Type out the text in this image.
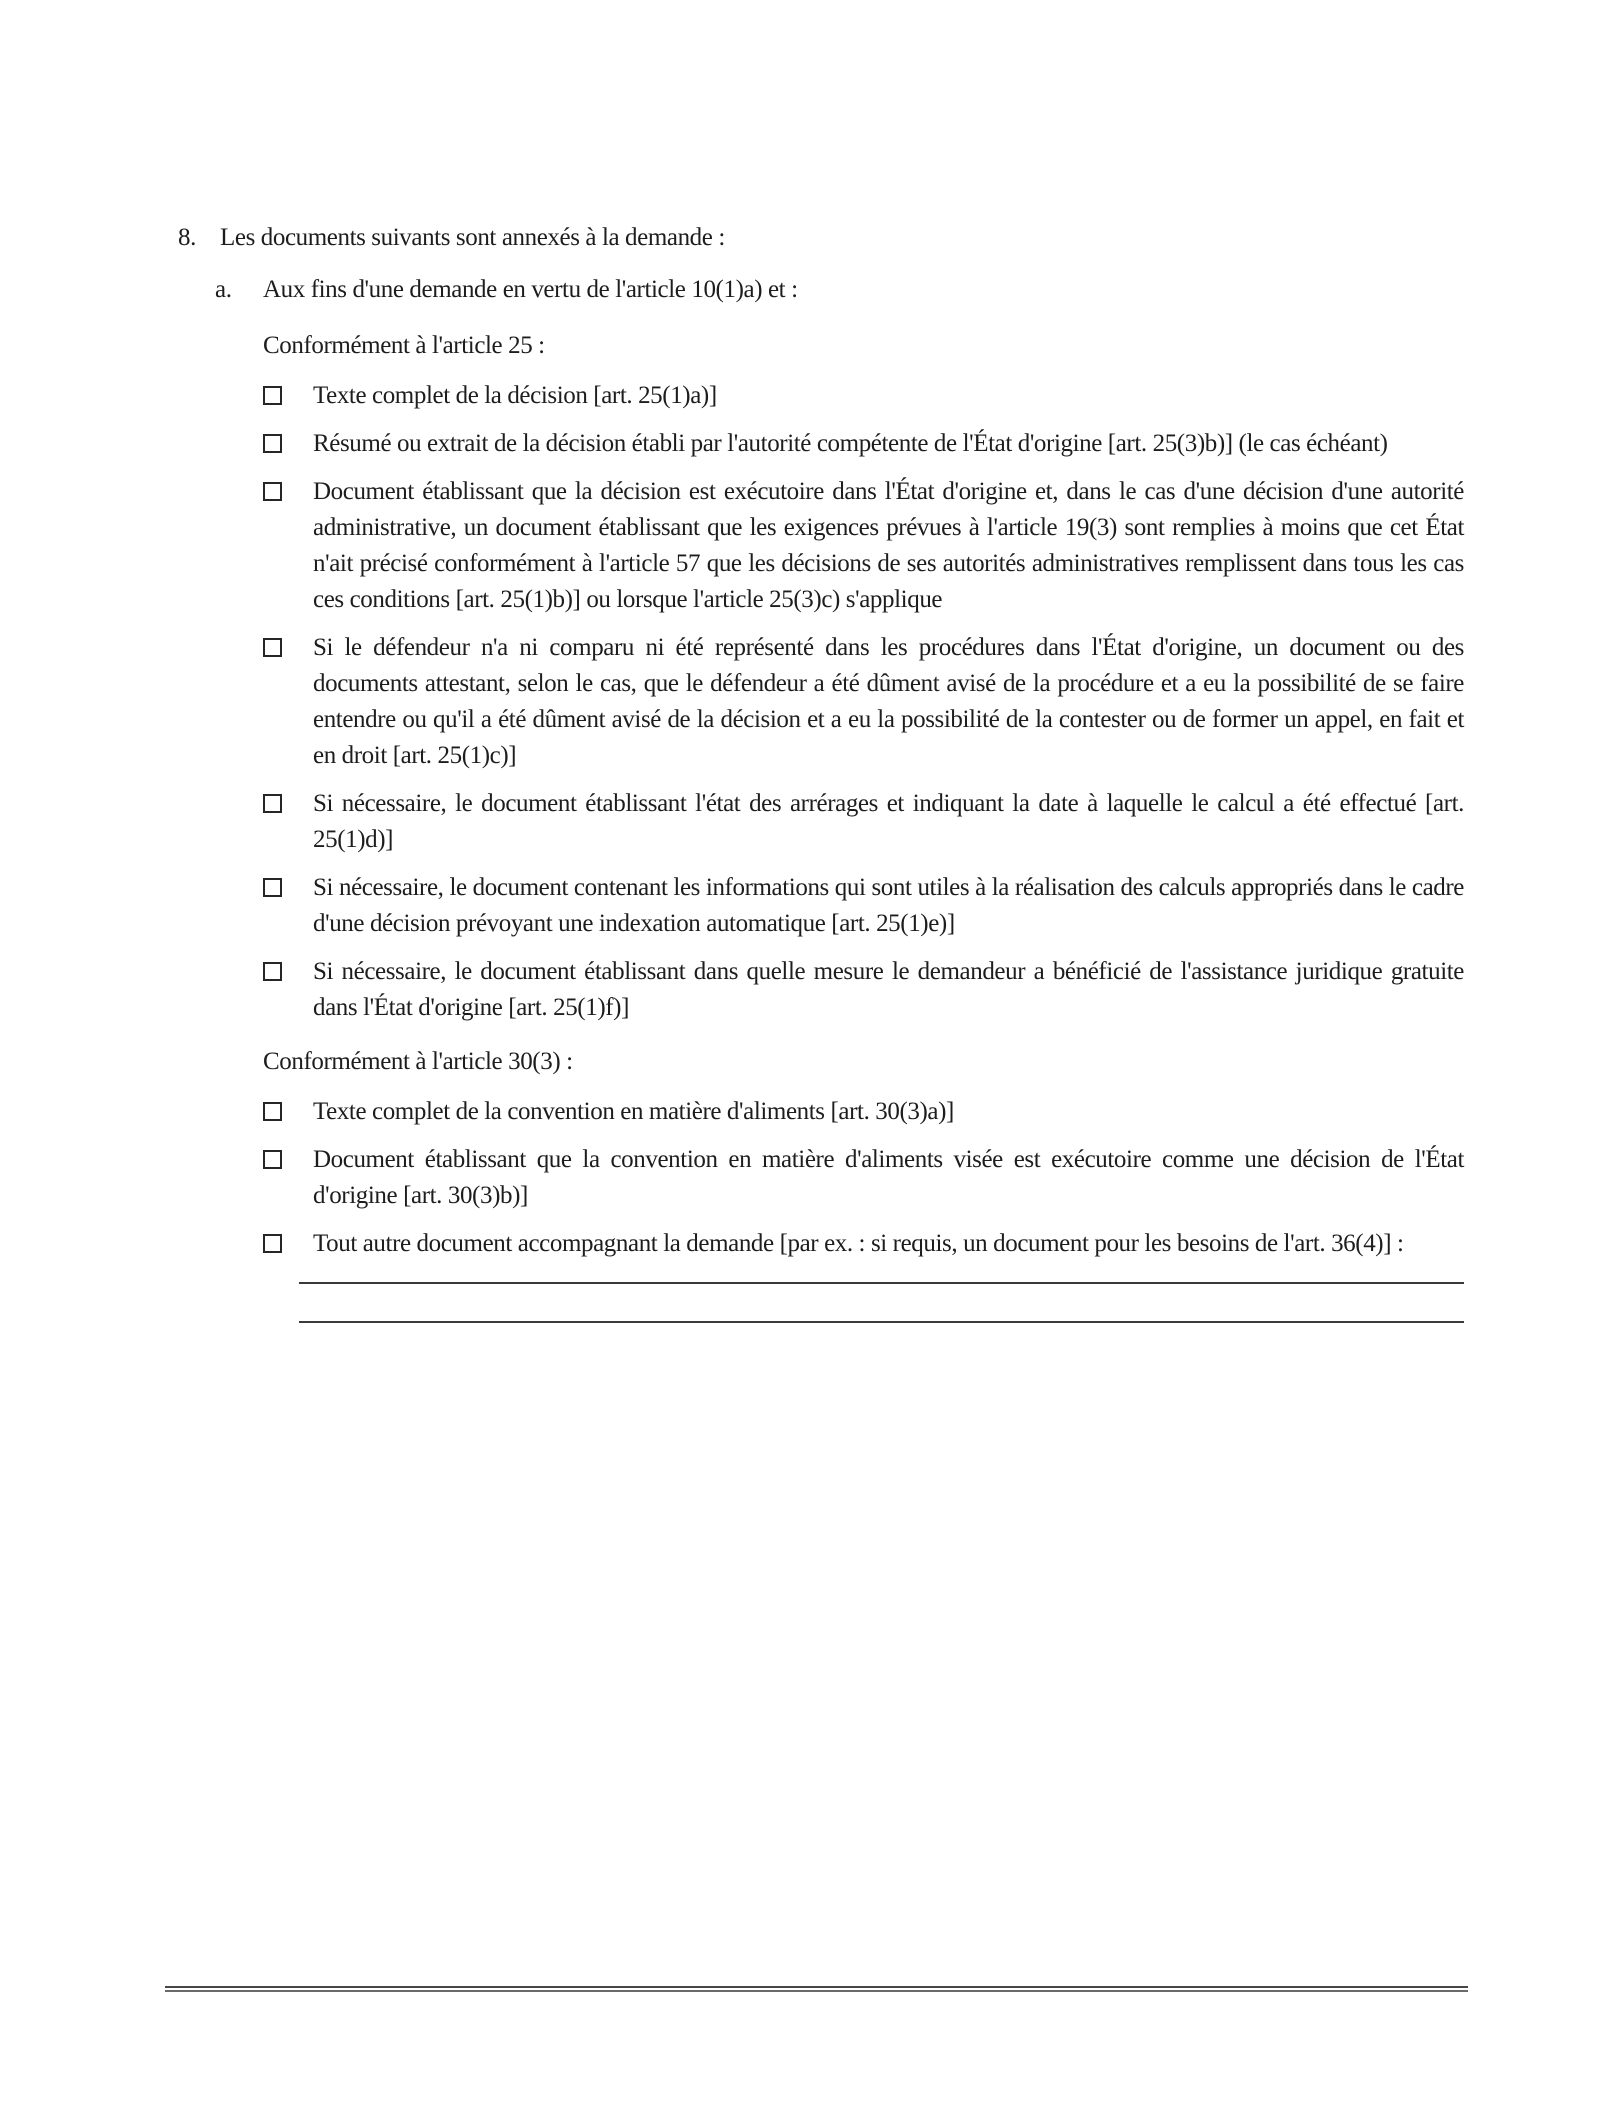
8. Les documents suivants sont annexés à la demande :
a.	Aux fins d'une demande en vertu de l'article 10(1)a) et :
Conformément à l'article 25 :
Texte complet de la décision [art. 25(1)a)]
Résumé ou extrait de la décision établi par l'autorité compétente de l'État d'origine [art. 25(3)b)] (le cas échéant)
Document établissant que la décision est exécutoire dans l'État d'origine et, dans le cas d'une décision d'une autorité administrative, un document établissant que les exigences prévues à l'article 19(3) sont remplies à moins que cet État n'ait précisé conformément à l'article 57 que les décisions de ses autorités administratives remplissent dans tous les cas ces conditions [art. 25(1)b)] ou lorsque l'article 25(3)c) s'applique
Si le défendeur n'a ni comparu ni été représenté dans les procédures dans l'État d'origine, un document ou des documents attestant, selon le cas, que le défendeur a été dûment avisé de la procédure et a eu la possibilité de se faire entendre ou qu'il a été dûment avisé de la décision et a eu la possibilité de la contester ou de former un appel, en fait et en droit [art. 25(1)c)]
Si nécessaire, le document établissant l'état des arrérages et indiquant la date à laquelle le calcul a été effectué [art. 25(1)d)]
Si nécessaire, le document contenant les informations qui sont utiles à la réalisation des calculs appropriés dans le cadre d'une décision prévoyant une indexation automatique [art. 25(1)e)]
Si nécessaire, le document établissant dans quelle mesure le demandeur a bénéficié de l'assistance juridique gratuite dans l'État d'origine [art. 25(1)f)]
Conformément à l'article 30(3) :
Texte complet de la convention en matière d'aliments [art. 30(3)a)]
Document établissant que la convention en matière d'aliments visée est exécutoire comme une décision de l'État d'origine [art. 30(3)b)]
Tout autre document accompagnant la demande [par ex. : si requis, un document pour les besoins de l'art. 36(4)] :
